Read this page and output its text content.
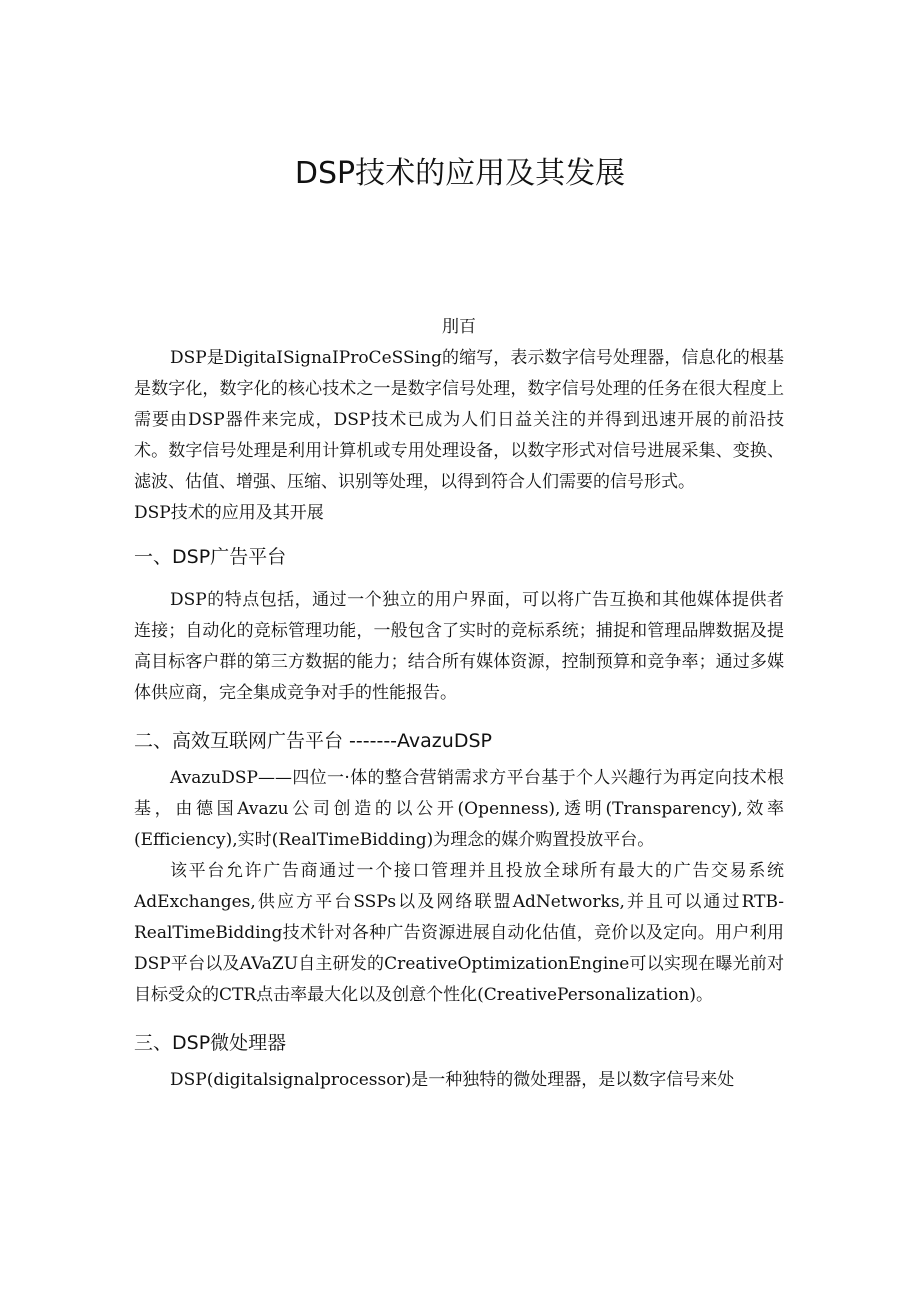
DSP技术的应用及其发展

刖百

DSP是DigitaISignaIProCeSSing的缩写，表示数字信号处理器，信息化的根基是数字化，数字化的核心技术之一是数字信号处理，数字信号处理的任务在很大程度上需要由DSP器件来完成，DSP技术已成为人们日益关注的并得到迅速开展的前沿技术。数字信号处理是利用计算机或专用处理设备，以数字形式对信号进展采集、变换、滤波、估值、增强、压缩、识别等处理，以得到符合人们需要的信号形式。

DSP技术的应用及其开展

一、DSP广告平台

DSP的特点包括，通过一个独立的用户界面，可以将广告互换和其他媒体提供者连接；自动化的竞标管理功能，一般包含了实时的竞标系统；捕捉和管理品牌数据及提高目标客户群的第三方数据的能力；结合所有媒体资源，控制预算和竞争率；通过多媒体供应商，完全集成竞争对手的性能报告。

二、高效互联网广告平台 -------AvazuDSP

AvazuDSP——四位一·体的整合营销需求方平台基于个人兴趣行为再定向技术根基，由德国Avazu公司创造的以公开(Openness),透明(Transparency),效率(Efficiency),实时(RealTimeBidding)为理念的媒介购置投放平台。

该平台允许广告商通过一个接口管理并且投放全球所有最大的广告交易系统AdExchanges,供应方平台SSPs以及网络联盟AdNetworks,并且可以通过RTB-RealTimeBidding技术针对各种广告资源进展自动化估值，竞价以及定向。用户利用DSP平台以及AVaZU自主研发的CreativeOptimizationEngine可以实现在曝光前对目标受众的CTR点击率最大化以及创意个性化(CreativePersonalization)。

三、DSP微处理器

DSP(digitalsignalprocessor)是一种独特的微处理器，是以数字信号来处
